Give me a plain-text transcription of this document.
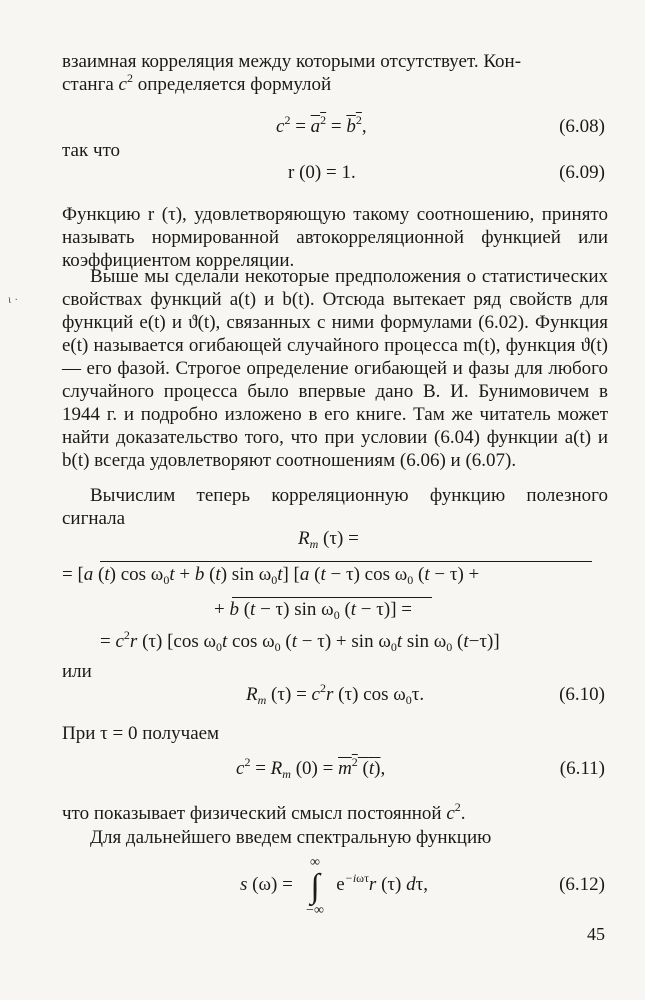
взаимная корреляция между которыми отсутствует. Кон-
станга $c^2$ определяется формулой
$c^2 = a^2 = b^2$,	(6.08)
так что
r (0) = 1.	(6.09)
Функцию r (τ), удовлетворяющую такому соотношению, принято называть нормированной автокорреляционной функцией или коэффициентом корреляции.
Выше мы сделали некоторые предположения о статистических свойствах функций a(t) и b(t). Отсюда вытекает ряд свойств для функций e(t) и ϑ(t), связанных с ними формулами (6.02). Функция e(t) называется огибающей случайного процесса m(t), функция ϑ(t) — его фазой. Строгое определение огибающей и фазы для любого случайного процесса было впервые дано В. И. Бунимовичем в 1944 г. и подробно изложено в его книге. Там же читатель может найти доказательство того, что при условии (6.04) функции a(t) и b(t) всегда удовлетворяют соотношениям (6.06) и (6.07).
ι ·
Вычислим теперь корреляционную функцию полезного сигнала
$R_m$ (τ) =
= [a (t) $\cos \omega_0t + b$ (t) $\sin \omega_0t$] [a (t − τ) $\cos \omega_0$ (t − τ) +
+ b (t − τ) $\sin \omega_0$ (t − τ)] =
= $c^2r$ (τ) [cos $\omega_0t$ $\cos \omega_0$ $(t - \tau) + \sin \omega_0t$ $\sin \omega_0$ (t−τ)]
или
$R_m$ $(\tau) = c^2r$ (τ) $\cos \omega_0\tau$.	(6.10)
При τ = 0 получаем
$c^2 = R_m$ $(0) = m^2$ (t),	(6.11)
что показывает физический смысл постоянной $c^2$.
Для дальнейшего введем спектральную функцию
s $(\omega) = e^{-i\omega\tau}r$ (τ) dτ,
∞
∫
−∞
(6.12)
45
